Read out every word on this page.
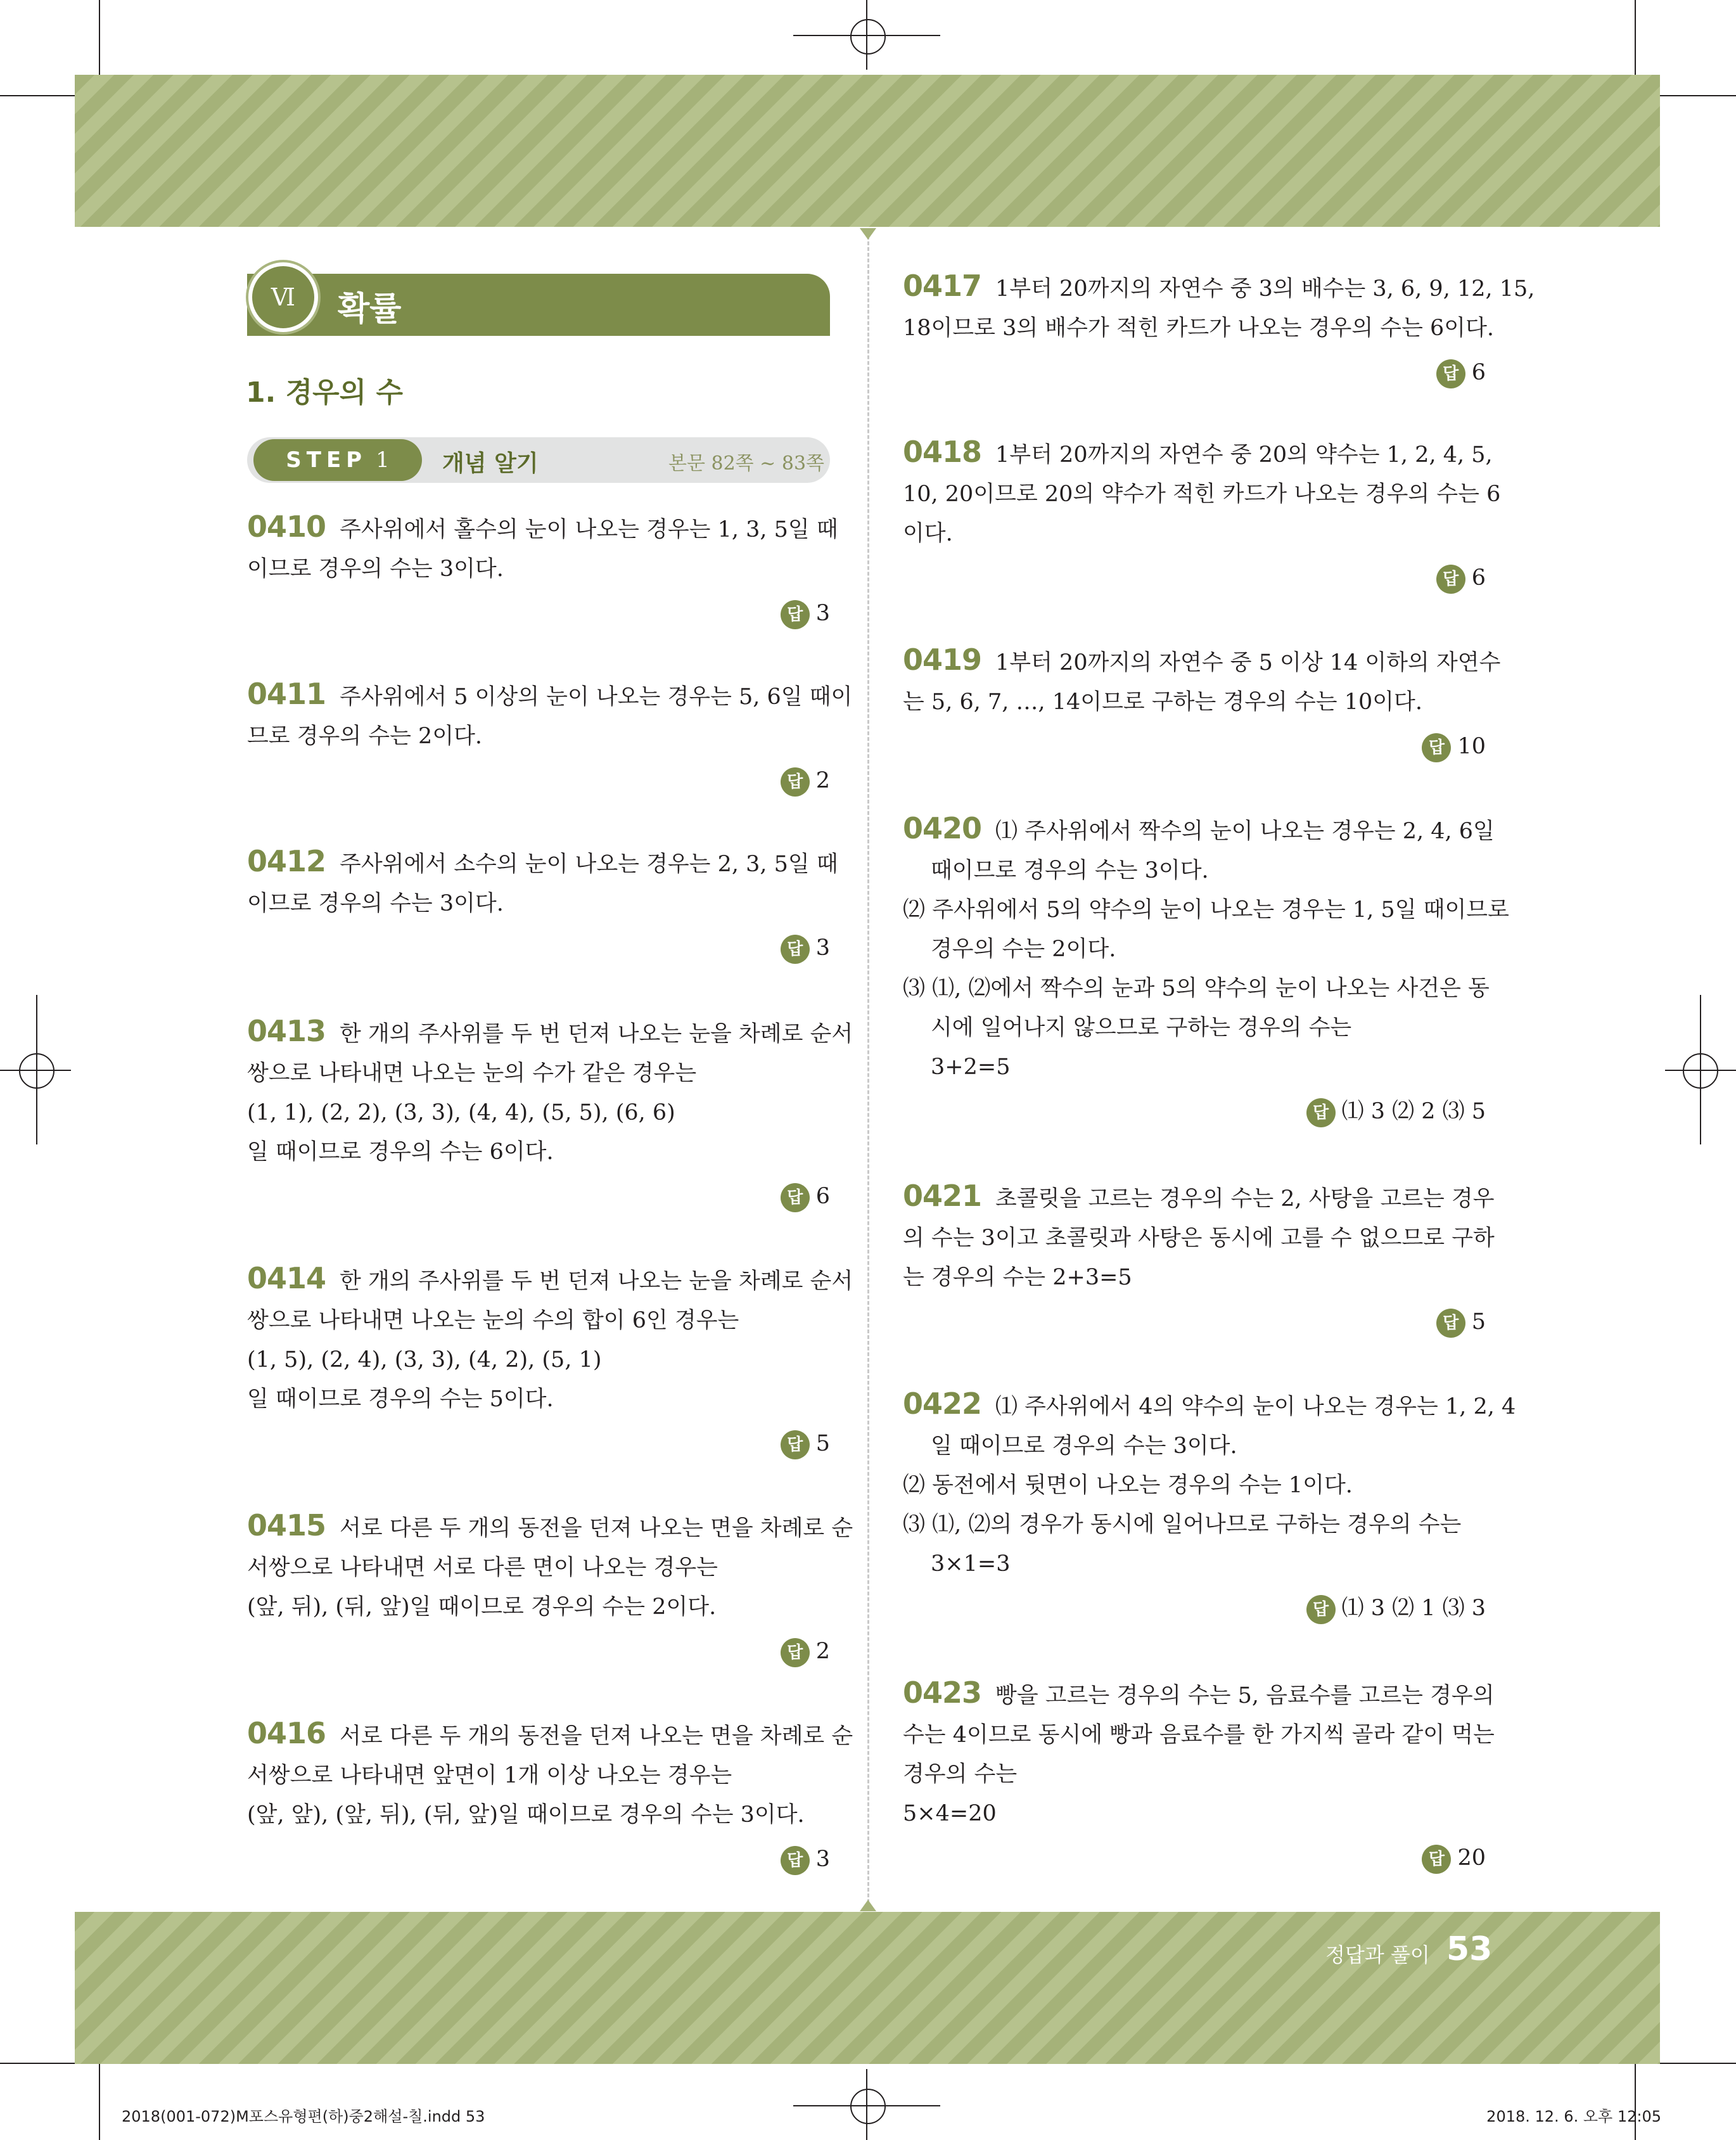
Ⅵ	확률
1. 경우의 수
STEP 1 개념 알기	본문 82쪽 ~ 83쪽
0410 주사위에서 홀수의 눈이 나오는 경우는 1, 3, 5일 때
이므로 경우의 수는 3이다.
답 3
0411 주사위에서 5 이상의 눈이 나오는 경우는 5, 6일 때이
므로 경우의 수는 2이다.
답 2
0412 주사위에서 소수의 눈이 나오는 경우는 2, 3, 5일 때
이므로 경우의 수는 3이다.
답 3
0413 한 개의 주사위를 두 번 던져 나오는 눈을 차례로 순서
쌍으로 나타내면 나오는 눈의 수가 같은 경우는
(1, 1), (2, 2), (3, 3), (4, 4), (5, 5), (6, 6)
일 때이므로 경우의 수는 6이다.
답 6
0414 한 개의 주사위를 두 번 던져 나오는 눈을 차례로 순서
쌍으로 나타내면 나오는 눈의 수의 합이 6인 경우는
(1, 5), (2, 4), (3, 3), (4, 2), (5, 1)
일 때이므로 경우의 수는 5이다.
답 5
0415 서로 다른 두 개의 동전을 던져 나오는 면을 차례로 순
서쌍으로 나타내면 서로 다른 면이 나오는 경우는
(앞, 뒤), (뒤, 앞)일 때이므로 경우의 수는 2이다.
답 2
0416 서로 다른 두 개의 동전을 던져 나오는 면을 차례로 순
서쌍으로 나타내면 앞면이 1개 이상 나오는 경우는
(앞, 앞), (앞, 뒤), (뒤, 앞)일 때이므로 경우의 수는 3이다.
답 3
0417 1부터 20까지의 자연수 중 3의 배수는 3, 6, 9, 12, 15,
18이므로 3의 배수가 적힌 카드가 나오는 경우의 수는 6이다.
답 6
0418 1부터 20까지의 자연수 중 20의 약수는 1, 2, 4, 5,
10, 20이므로 20의 약수가 적힌 카드가 나오는 경우의 수는 6
이다.
답 6
0419 1부터 20까지의 자연수 중 5 이상 14 이하의 자연수
는 5, 6, 7, …, 14이므로 구하는 경우의 수는 10이다.
답 10
0420 ⑴ 주사위에서 짝수의 눈이 나오는 경우는 2, 4, 6일
때이므로 경우의 수는 3이다.
⑵ 주사위에서 5의 약수의 눈이 나오는 경우는 1, 5일 때이므로
경우의 수는 2이다.
⑶ ⑴, ⑵에서 짝수의 눈과 5의 약수의 눈이 나오는 사건은 동
시에 일어나지 않으므로 구하는 경우의 수는
3+2=5
답 ⑴ 3 ⑵ 2 ⑶ 5
0421 초콜릿을 고르는 경우의 수는 2, 사탕을 고르는 경우
의 수는 3이고 초콜릿과 사탕은 동시에 고를 수 없으므로 구하
는 경우의 수는 2+3=5
답 5
0422 ⑴ 주사위에서 4의 약수의 눈이 나오는 경우는 1, 2, 4
일 때이므로 경우의 수는 3이다.
⑵ 동전에서 뒷면이 나오는 경우의 수는 1이다.
⑶ ⑴, ⑵의 경우가 동시에 일어나므로 구하는 경우의 수는
3×1=3
답 ⑴ 3 ⑵ 1 ⑶ 3
0423 빵을 고르는 경우의 수는 5, 음료수를 고르는 경우의
수는 4이므로 동시에 빵과 음료수를 한 가지씩 골라 같이 먹는
경우의 수는
5×4=20
답 20
정답과 풀이 53
2018(001-072)M포스유형편(하)중2해설-칠.indd 53	2018. 12. 6. 오후 12:05
